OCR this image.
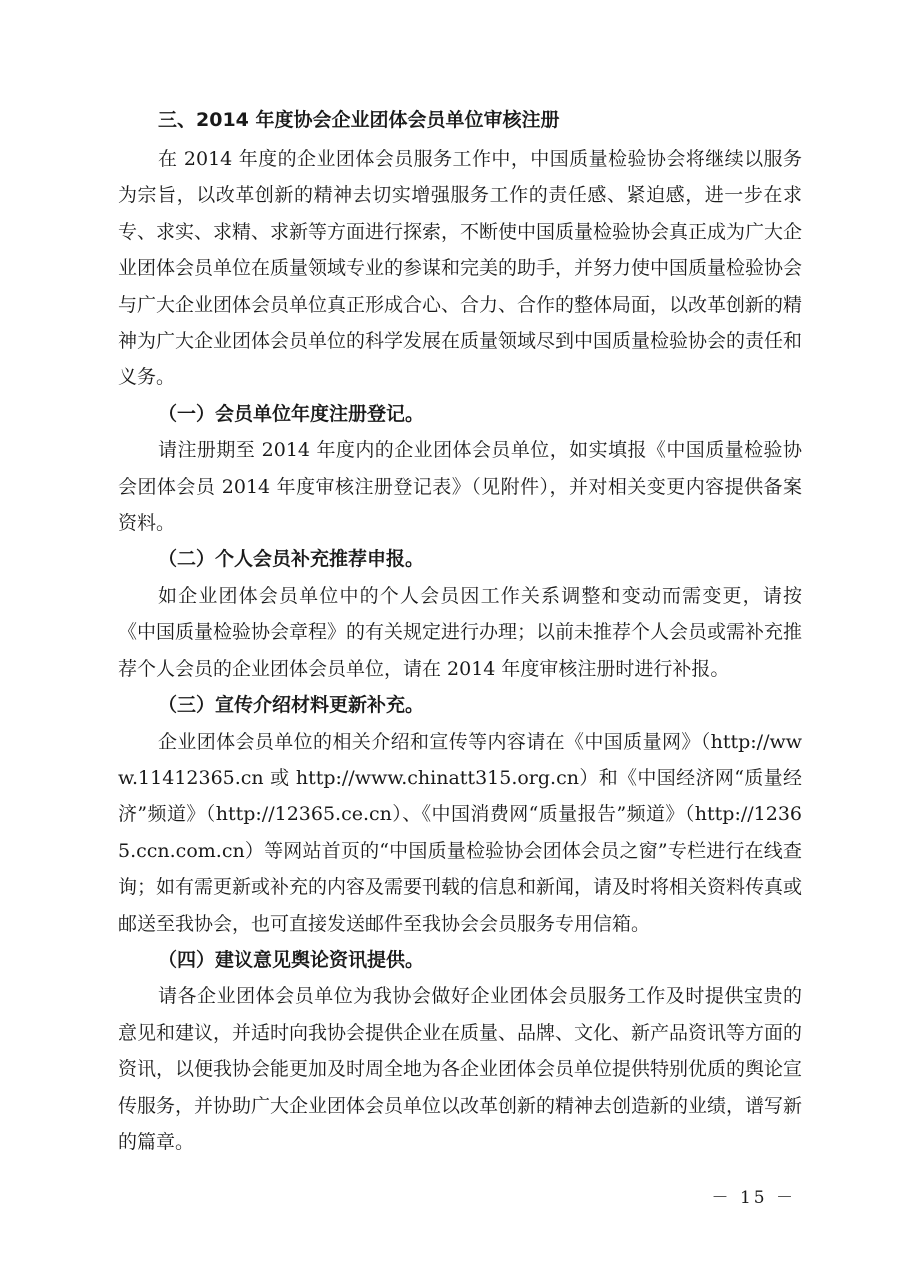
三、2014 年度协会企业团体会员单位审核注册

在 2014 年度的企业团体会员服务工作中，中国质量检验协会将继续以服务为宗旨，以改革创新的精神去切实增强服务工作的责任感、紧迫感，进一步在求专、求实、求精、求新等方面进行探索，不断使中国质量检验协会真正成为广大企业团体会员单位在质量领域专业的参谋和完美的助手，并努力使中国质量检验协会与广大企业团体会员单位真正形成合心、合力、合作的整体局面，以改革创新的精神为广大企业团体会员单位的科学发展在质量领域尽到中国质量检验协会的责任和义务。

（一）会员单位年度注册登记。

请注册期至 2014 年度内的企业团体会员单位，如实填报《中国质量检验协会团体会员 2014 年度审核注册登记表》（见附件），并对相关变更内容提供备案资料。

（二）个人会员补充推荐申报。

如企业团体会员单位中的个人会员因工作关系调整和变动而需变更，请按《中国质量检验协会章程》的有关规定进行办理；以前未推荐个人会员或需补充推荐个人会员的企业团体会员单位，请在 2014 年度审核注册时进行补报。

（三）宣传介绍材料更新补充。

企业团体会员单位的相关介绍和宣传等内容请在《中国质量网》（http://www.11412365.cn 或 http://www.chinatt315.org.cn）和《中国经济网“质量经济”频道》（http://12365.ce.cn）、《中国消费网“质量报告”频道》（http://12365.ccn.com.cn）等网站首页的“中国质量检验协会团体会员之窗”专栏进行在线查询；如有需更新或补充的内容及需要刊载的信息和新闻，请及时将相关资料传真或邮送至我协会，也可直接发送邮件至我协会会员服务专用信箱。

（四）建议意见舆论资讯提供。

请各企业团体会员单位为我协会做好企业团体会员服务工作及时提供宝贵的意见和建议，并适时向我协会提供企业在质量、品牌、文化、新产品资讯等方面的资讯，以便我协会能更加及时周全地为各企业团体会员单位提供特别优质的舆论宣传服务，并协助广大企业团体会员单位以改革创新的精神去创造新的业绩，谱写新的篇章。

－ 15 －
